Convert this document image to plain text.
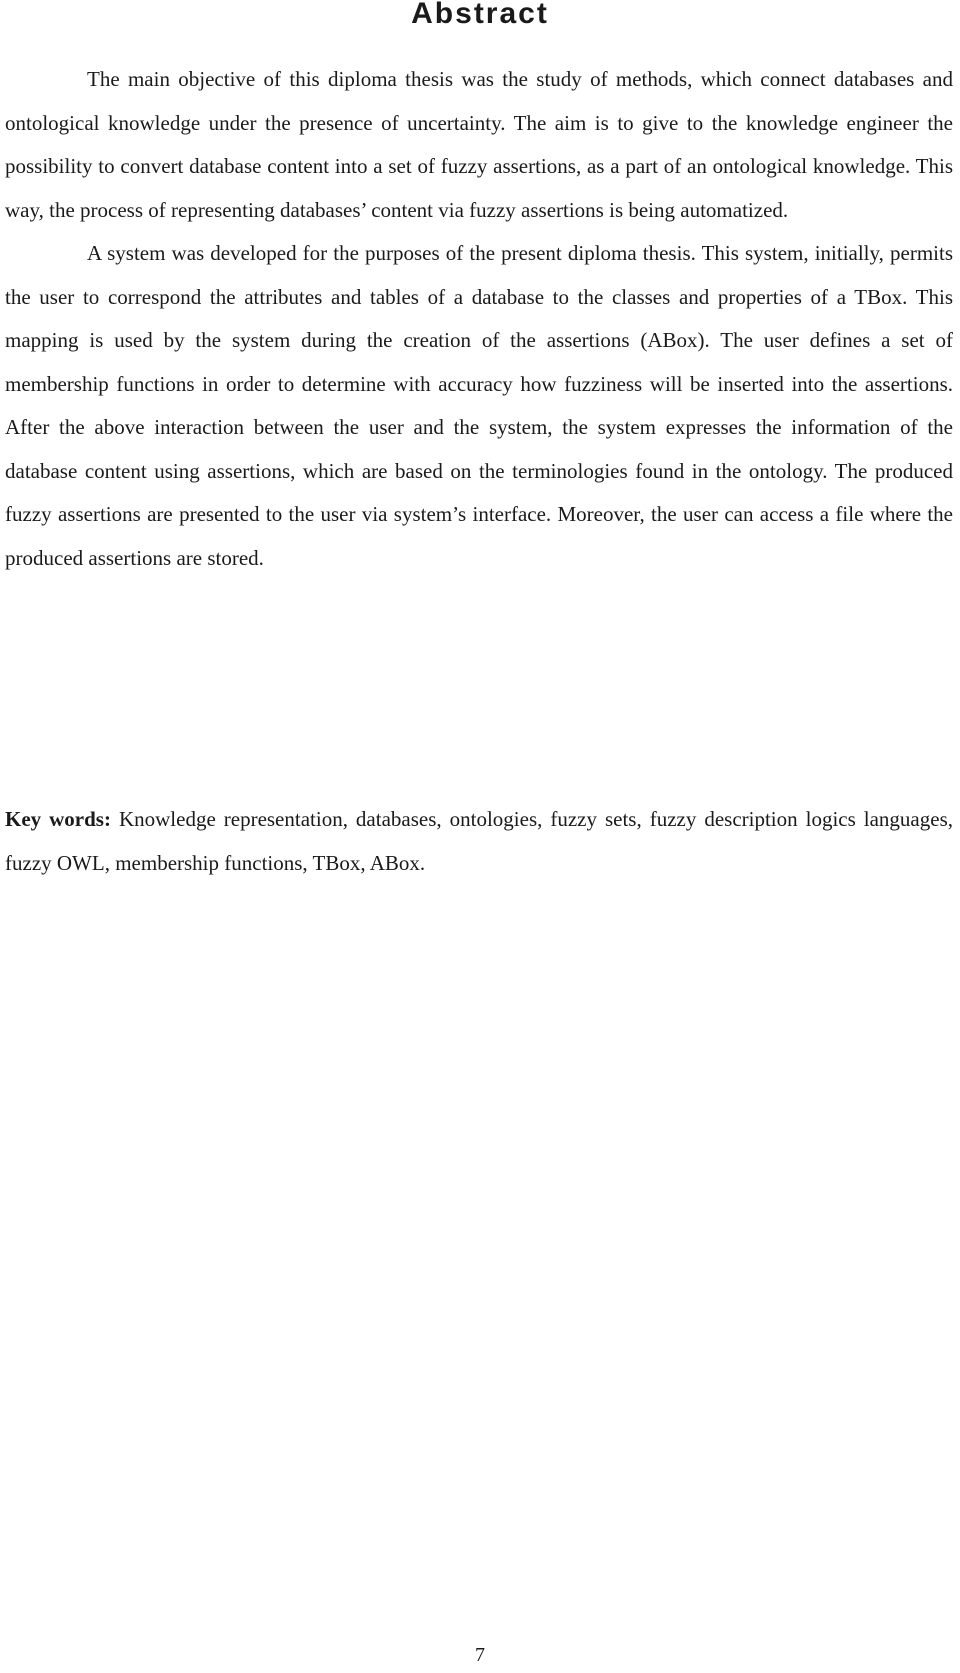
Abstract

The main objective of this diploma thesis was the study of methods, which connect databases and ontological knowledge under the presence of uncertainty. The aim is to give to the knowledge engineer the possibility to convert database content into a set of fuzzy assertions, as a part of an ontological knowledge. This way, the process of representing databases’ content via fuzzy assertions is being automatized.

A system was developed for the purposes of the present diploma thesis. This system, initially, permits the user to correspond the attributes and tables of a database to the classes and properties of a TBox. This mapping is used by the system during the creation of the assertions (ABox). The user defines a set of membership functions in order to determine with accuracy how fuzziness will be inserted into the assertions. After the above interaction between the user and the system, the system expresses the information of the database content using assertions, which are based on the terminologies found in the ontology. The produced fuzzy assertions are presented to the user via system’s interface. Moreover, the user can access a file where the produced assertions are stored.

Key words: Knowledge representation, databases, ontologies, fuzzy sets, fuzzy description logics languages, fuzzy OWL, membership functions, TBox, ABox.

7
